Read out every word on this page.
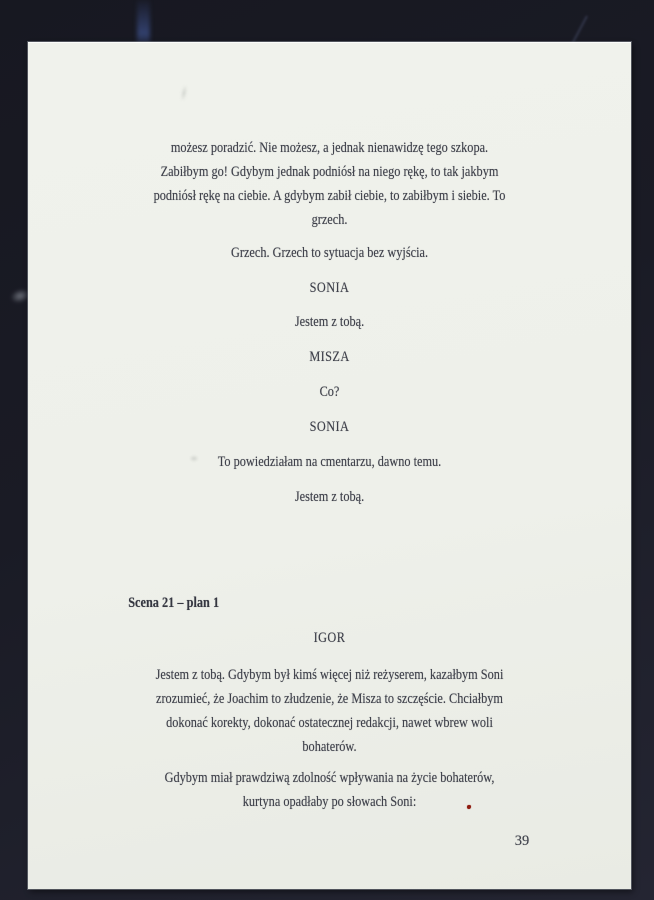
możesz poradzić. Nie możesz, a jednak nienawidzę tego szkopa.
Zabiłbym go! Gdybym jednak podniósł na niego rękę, to tak jakbym
podniósł rękę na ciebie. A gdybym zabił ciebie, to zabiłbym i siebie. To
grzech.
Grzech. Grzech to sytuacja bez wyjścia.
SONIA
Jestem z tobą.
MISZA
Co?
SONIA
To powiedziałam na cmentarzu, dawno temu.
Jestem z tobą.
Scena 21 – plan 1
IGOR
Jestem z tobą. Gdybym był kimś więcej niż reżyserem, kazałbym Soni
zrozumieć, że Joachim to złudzenie, że Misza to szczęście. Chciałbym
dokonać korekty, dokonać ostatecznej redakcji, nawet wbrew woli
bohaterów.
Gdybym miał prawdziwą zdolność wpływania na życie bohaterów,
kurtyna opadłaby po słowach Soni:
39
